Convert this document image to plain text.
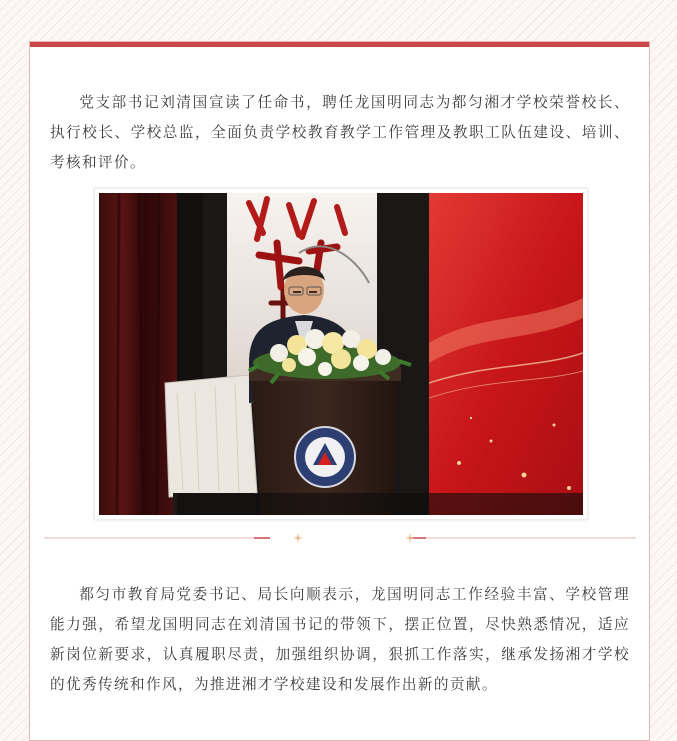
党支部书记刘清国宣读了任命书，聘任龙国明同志为都匀湘才学校荣誉校长、执行校长、学校总监，全面负责学校教育教学工作管理及教职工队伍建设、培训、考核和评价。

都匀市教育局党委书记、局长向顺表示，龙国明同志工作经验丰富、学校管理能力强，希望龙国明同志在刘清国书记的带领下，摆正位置，尽快熟悉情况，适应新岗位新要求，认真履职尽责，加强组织协调，狠抓工作落实，继承发扬湘才学校的优秀传统和作风，为推进湘才学校建设和发展作出新的贡献。
